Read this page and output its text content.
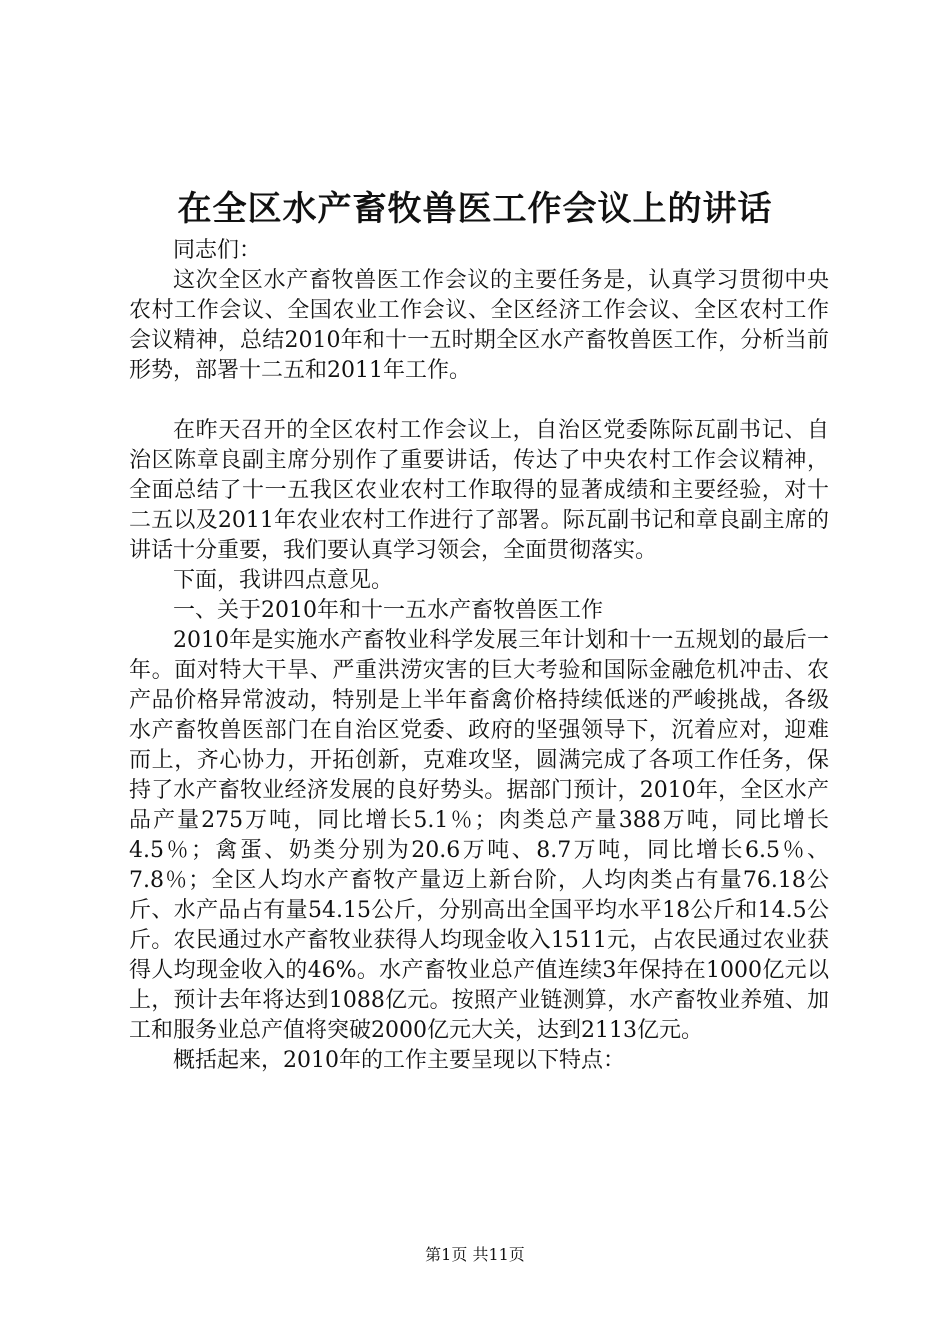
在全区水产畜牧兽医工作会议上的讲话

同志们：

这次全区水产畜牧兽医工作会议的主要任务是，认真学习贯彻中央农村工作会议、全国农业工作会议、全区经济工作会议、全区农村工作会议精神，总结2010年和十一五时期全区水产畜牧兽医工作，分析当前形势，部署十二五和2011年工作。

在昨天召开的全区农村工作会议上，自治区党委陈际瓦副书记、自治区陈章良副主席分别作了重要讲话，传达了中央农村工作会议精神，全面总结了十一五我区农业农村工作取得的显著成绩和主要经验，对十二五以及2011年农业农村工作进行了部署。际瓦副书记和章良副主席的讲话十分重要，我们要认真学习领会，全面贯彻落实。

下面，我讲四点意见。

一、关于2010年和十一五水产畜牧兽医工作

2010年是实施水产畜牧业科学发展三年计划和十一五规划的最后一年。面对特大干旱、严重洪涝灾害的巨大考验和国际金融危机冲击、农产品价格异常波动，特别是上半年畜禽价格持续低迷的严峻挑战，各级水产畜牧兽医部门在自治区党委、政府的坚强领导下，沉着应对，迎难而上，齐心协力，开拓创新，克难攻坚，圆满完成了各项工作任务，保持了水产畜牧业经济发展的良好势头。据部门预计，2010年，全区水产品产量275万吨，同比增长5.1％；肉类总产量388万吨，同比增长4.5％；禽蛋、奶类分别为20.6万吨、8.7万吨，同比增长6.5％、7.8％；全区人均水产畜牧产量迈上新台阶，人均肉类占有量76.18公斤、水产品占有量54.15公斤，分别高出全国平均水平18公斤和14.5公斤。农民通过水产畜牧业获得人均现金收入1511元，占农民通过农业获得人均现金收入的46%。水产畜牧业总产值连续3年保持在1000亿元以上，预计去年将达到1088亿元。按照产业链测算，水产畜牧业养殖、加工和服务业总产值将突破2000亿元大关，达到2113亿元。

概括起来，2010年的工作主要呈现以下特点：

第1页 共11页
